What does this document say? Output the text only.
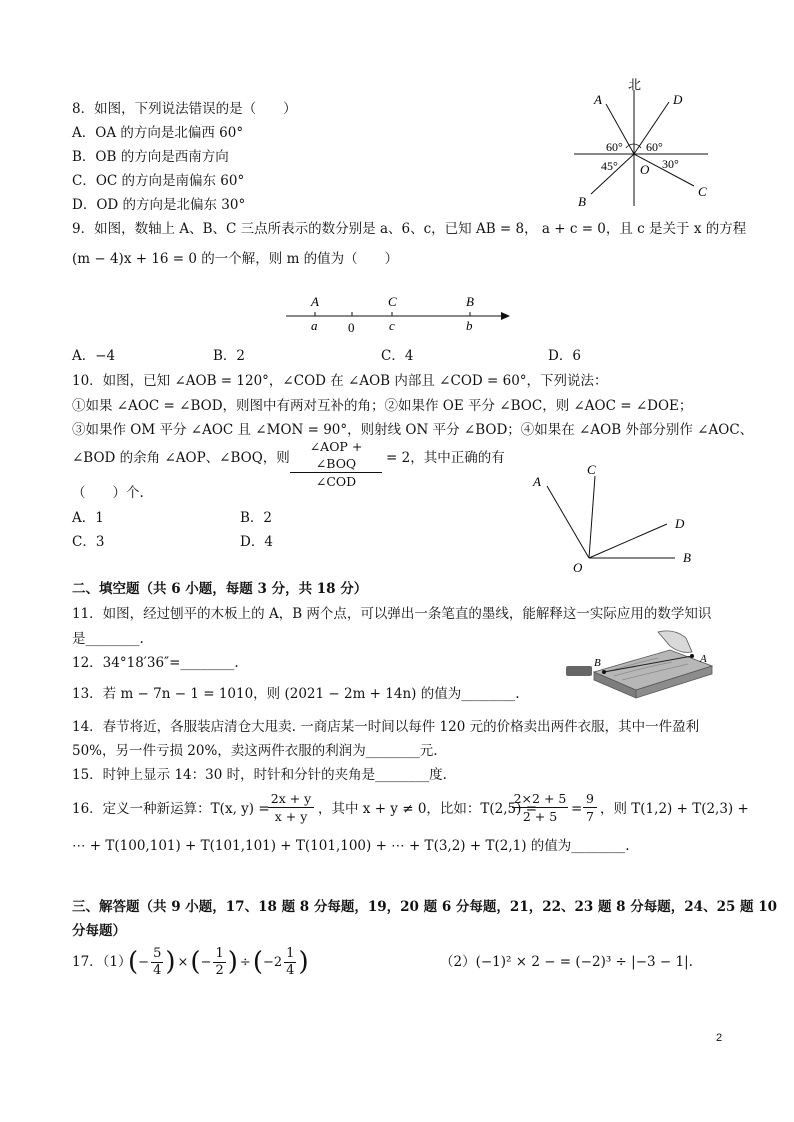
8．如图，下列说法错误的是（　　）
A．OA 的方向是北偏西 60°
B．OB 的方向是西南方向
C．OC 的方向是南偏东 60°
D．OD 的方向是北偏东 30°
北
A
B
C
D
O
60° 60°
45°	30°
9．如图，数轴上 A、B、C 三点所表示的数分别是 a、6、c，已知 AB = 8， a + c = 0，且 c 是关于 x 的方程
(m − 4)x + 16 = 0 的一个解，则 m 的值为（　　）
A	C	B
a 0	c	b
A．−4	B．2	C．4	D．6
10．如图，已知 ∠AOB = 120°，∠COD 在 ∠AOB 内部且 ∠COD = 60°，下列说法：
①如果 ∠AOC = ∠BOD，则图中有两对互补的角；②如果作 OE 平分 ∠BOC，则 ∠AOC = ∠DOE；
③如果作 OM 平分 ∠AOC 且 ∠MON = 90°，则射线 ON 平分 ∠BOD；④如果在 ∠AOB 外部分别作 ∠AOC、
∠BOD 的余角 ∠AOP、∠BOQ，则
∠AOP + ∠BOQ
∠COD
= 2，其中正确的有
（　　）个.
A．1	B．2
C．3	D．4
C
A
D
O
B
二、填空题（共 6 小题，每题 3 分，共 18 分）
11．如图，经过刨平的木板上的 A，B 两个点，可以弹出一条笔直的墨线，能解释这一实际应用的数学知识
是________.
B	A
12．34°18′36″=________.
13．若 m − 7n − 1 = 1010，则 (2021 − 2m + 14n) 的值为________.
14．春节将近，各服装店清仓大甩卖. 一商店某一时间以每件 120 元的价格卖出两件衣服，其中一件盈利
50%，另一件亏损 20%，卖这两件衣服的利润为________元.
15．时钟上显示 14：30 时，时针和分针的夹角是________度.
16．定义一种新运算：T(x, y) =
$\frac{2x + y}{x + y}$ ，其中 x + y ≠ 0，比如：T(2,5) =
$\frac{2\times 2 + 5}{2 + 5} = \frac{9}{7}$ ，则 T(1,2) + T(2,3) +
⋯ + T(100,101) + T(101,101) + T(101,100) + ⋯ + T(3,2) + T(2,1) 的值为________.
三、解答题（共 9 小题，17、18 题 8 分每题，19，20 题 6 分每题，21，22、23 题 8 分每题，24、25 题 10
分每题）
17．（1）
( − $\frac{5}{4}$ ) × ( − $\frac{1}{2}$ ) ÷ ( − $2 \frac{1}{4}$ )	（2）(−1)² × 2 − = (−2)³ ÷ |−3 − 1|.
2
